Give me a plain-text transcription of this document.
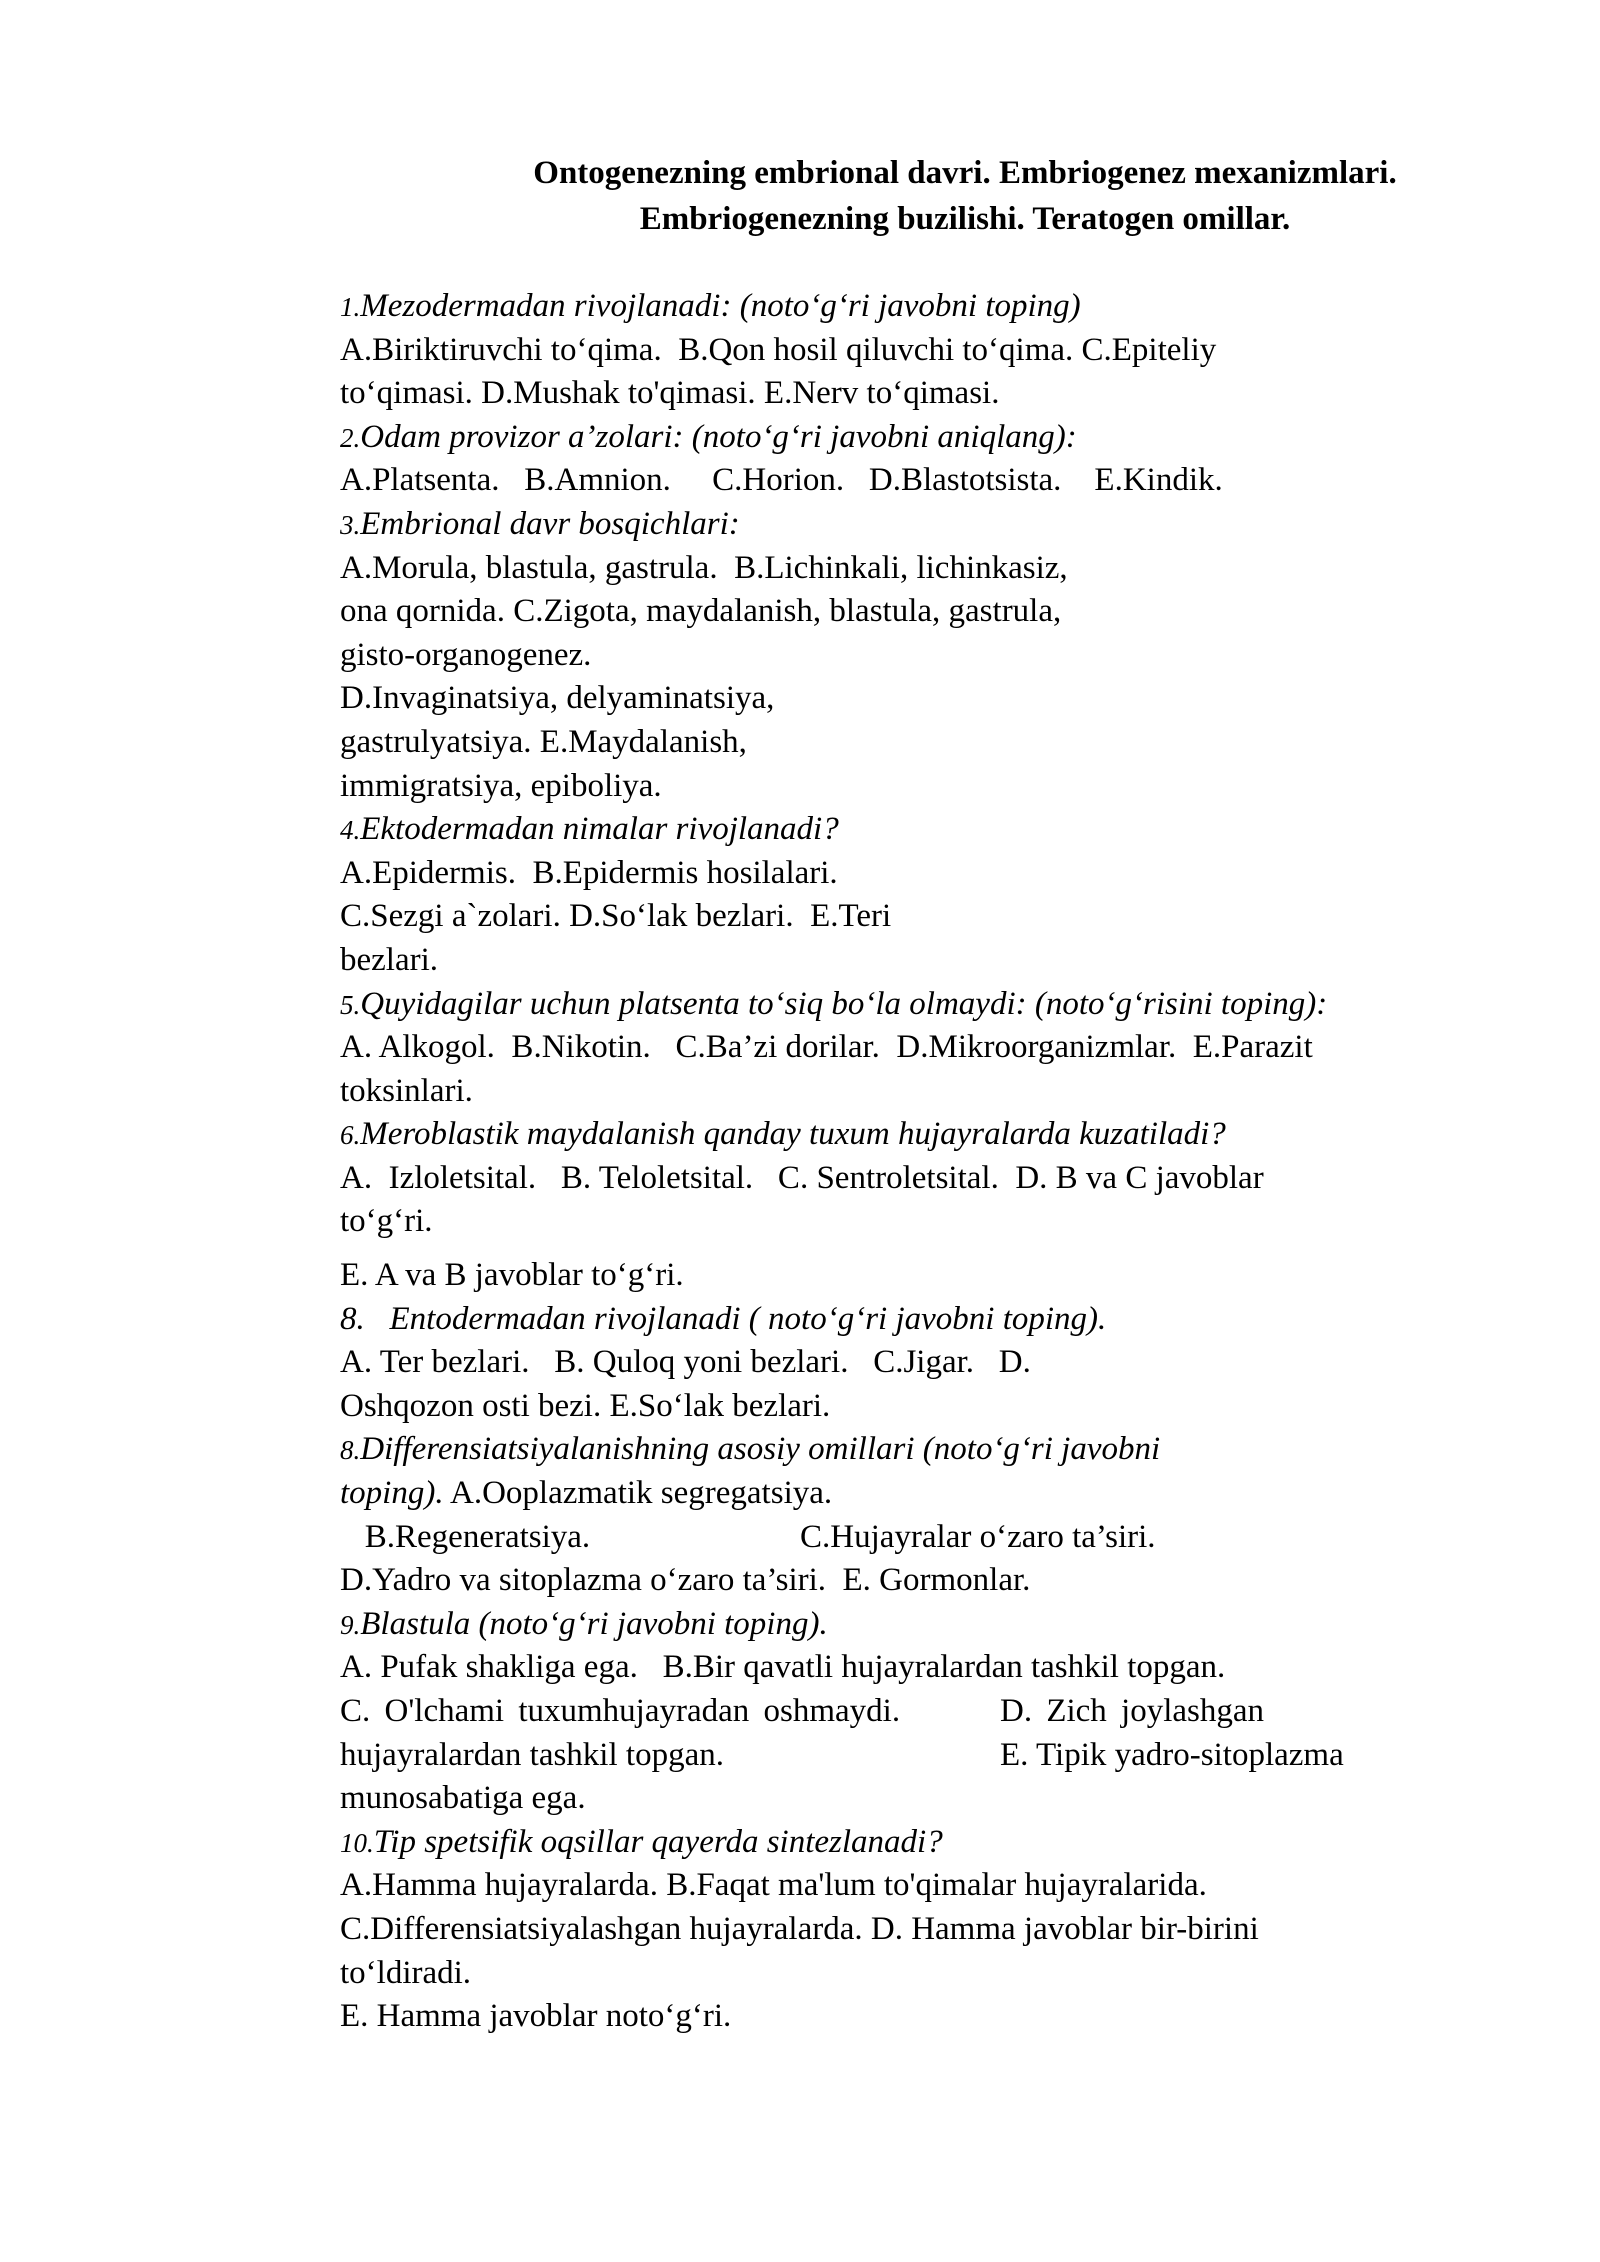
Ontogenezning embrional davri. Embriogenez mexanizmlari.
Embriogenezning buzilishi. Teratogen omillar.
1.Mezodermadan rivojlanadi: (noto‘g‘ri javobni toping)
A.Biriktiruvchi to‘qima.  B.Qon hosil qiluvchi to‘qima. C.Epiteliy
to‘qimasi. D.Mushak to'qimasi. E.Nerv to‘qimasi.
2.Odam provizor a’zolari: (noto‘g‘ri javobni aniqlang):
A.Platsenta.   B.Amnion.     C.Horion.   D.Blastotsista.    E.Kindik.
3.Embrional davr bosqichlari:
A.Morula, blastula, gastrula.  B.Lichinkali, lichinkasiz,
ona qornida. C.Zigota, maydalanish, blastula, gastrula,
gisto-organogenez.
D.Invaginatsiya, delyaminatsiya,
gastrulyatsiya. E.Maydalanish,
immigratsiya, epiboliya.
4.Ektodermadan nimalar rivojlanadi?
A.Epidermis.  B.Epidermis hosilalari.
C.Sezgi a`zolari. D.So‘lak bezlari.  E.Teri
bezlari.
5.Quyidagilar uchun platsenta to‘siq bo‘la olmaydi: (noto‘g‘risini toping):
A. Alkogol.  B.Nikotin.   C.Ba’zi dorilar.  D.Mikroorganizmlar.  E.Parazit
toksinlari.
6.Meroblastik maydalanish qanday tuxum hujayralarda kuzatiladi?
A.  Izloletsital.   B. Teloletsital.   C. Sentroletsital.  D. B va C javoblar
to‘g‘ri.
E. A va B javoblar to‘g‘ri.
8.   Entodermadan rivojlanadi ( noto‘g‘ri javobni toping).
A. Ter bezlari.   B. Quloq yoni bezlari.   C.Jigar.   D.
Oshqozon osti bezi. E.So‘lak bezlari.
8.Differensiatsiyalanishning asosiy omillari (noto‘g‘ri javobni
toping). A.Ooplazmatik segregatsiya.
B.Regeneratsiya.	C.Hujayralar o‘zaro ta’siri.
D.Yadro va sitoplazma o‘zaro ta’siri.  E. Gormonlar.
9.Blastula (noto‘g‘ri javobni toping).
A. Pufak shakliga ega.   B.Bir qavatli hujayralardan tashkil topgan.
C. O'lchami tuxumhujayradan oshmaydi.	D. Zich joylashgan
hujayralardan tashkil topgan.	E. Tipik yadro-sitoplazma
munosabatiga ega.
10.Tip spetsifik oqsillar qayerda sintezlanadi?
A.Hamma hujayralarda. B.Faqat ma'lum to'qimalar hujayralarida.
C.Differensiatsiyalashgan hujayralarda. D. Hamma javoblar bir-birini
to‘ldiradi.
E. Hamma javoblar noto‘g‘ri.
